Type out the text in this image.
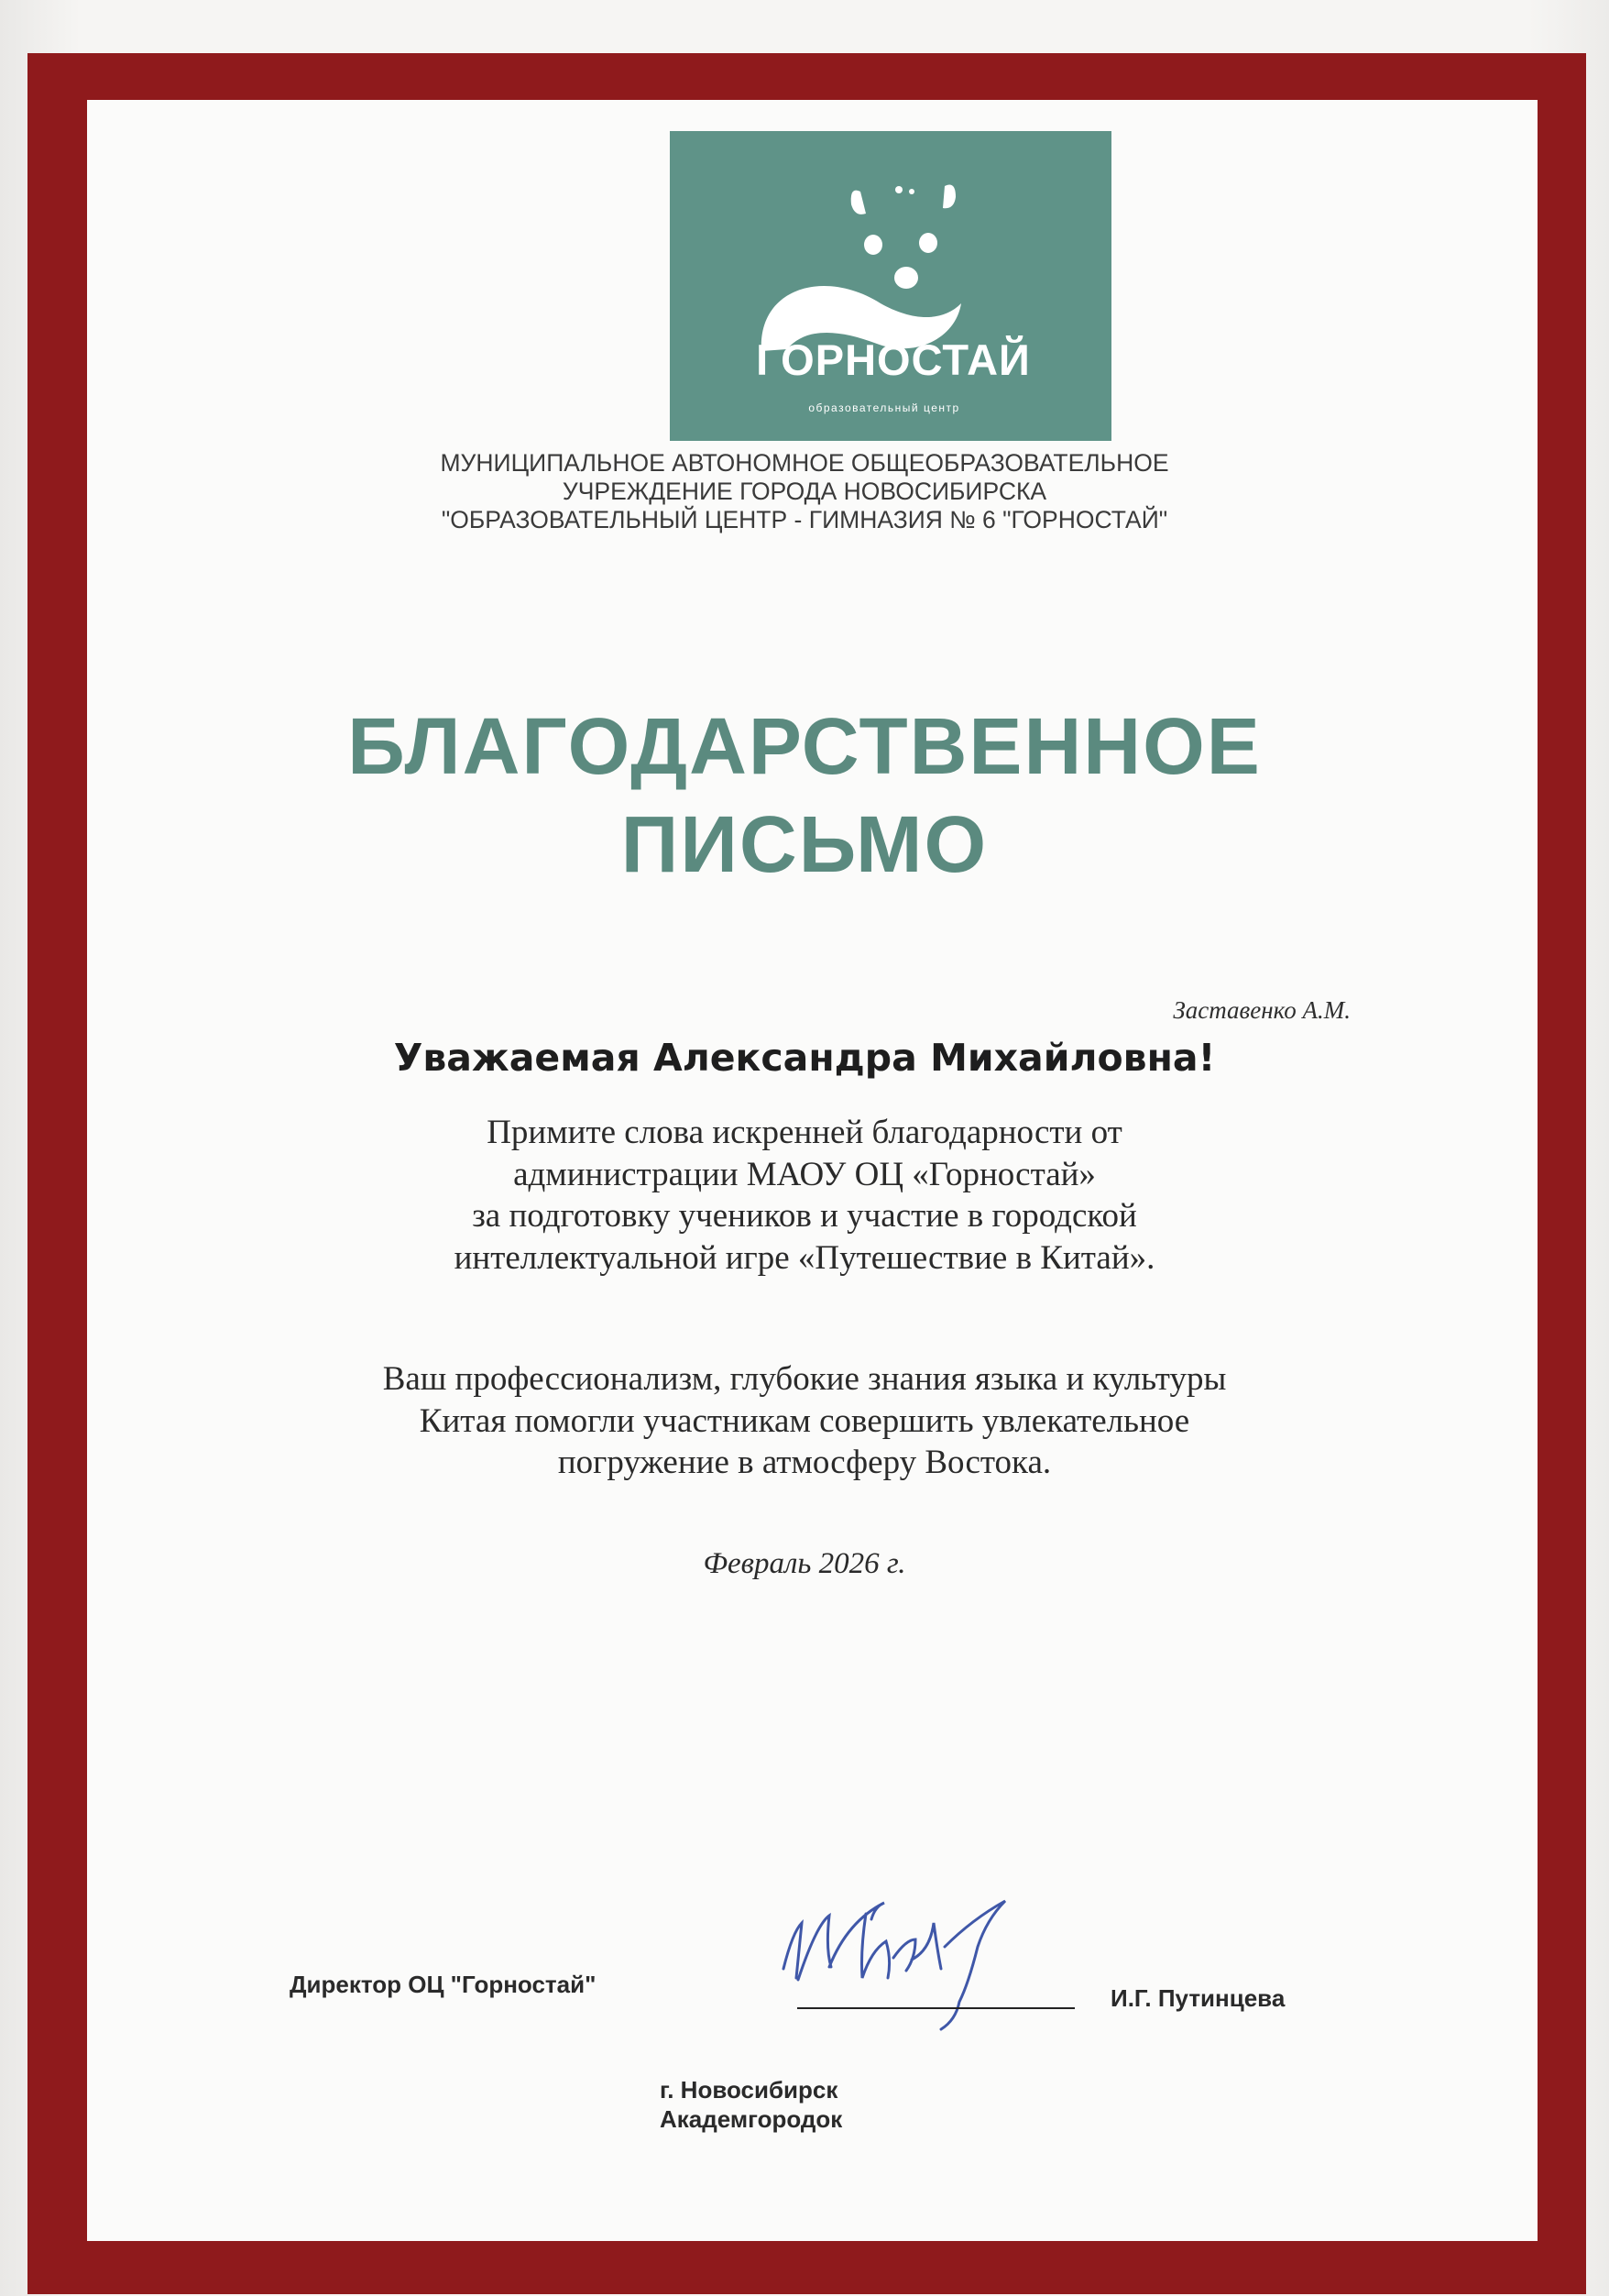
ГОРНОСТАЙ
образовательный центр
МУНИЦИПАЛЬНОЕ АВТОНОМНОЕ ОБЩЕОБРАЗОВАТЕЛЬНОЕ
УЧРЕЖДЕНИЕ ГОРОДА НОВОСИБИРСКА
"ОБРАЗОВАТЕЛЬНЫЙ ЦЕНТР - ГИМНАЗИЯ № 6 "ГОРНОСТАЙ"
БЛАГОДАРСТВЕННОЕ
ПИСЬМО
Заставенко А.М.
Уважаемая Александра Михайловна!
Примите слова искренней благодарности от
администрации МАОУ ОЦ «Горностай»
за подготовку учеников и участие в городской
интеллектуальной игре «Путешествие в Китай».
Ваш профессионализм, глубокие знания языка и культуры
Китая помогли участникам совершить увлекательное
погружение в атмосферу Востока.
Февраль 2026 г.
Директор ОЦ "Горностай"	И.Г. Путинцева
г. Новосибирск
Академгородок
